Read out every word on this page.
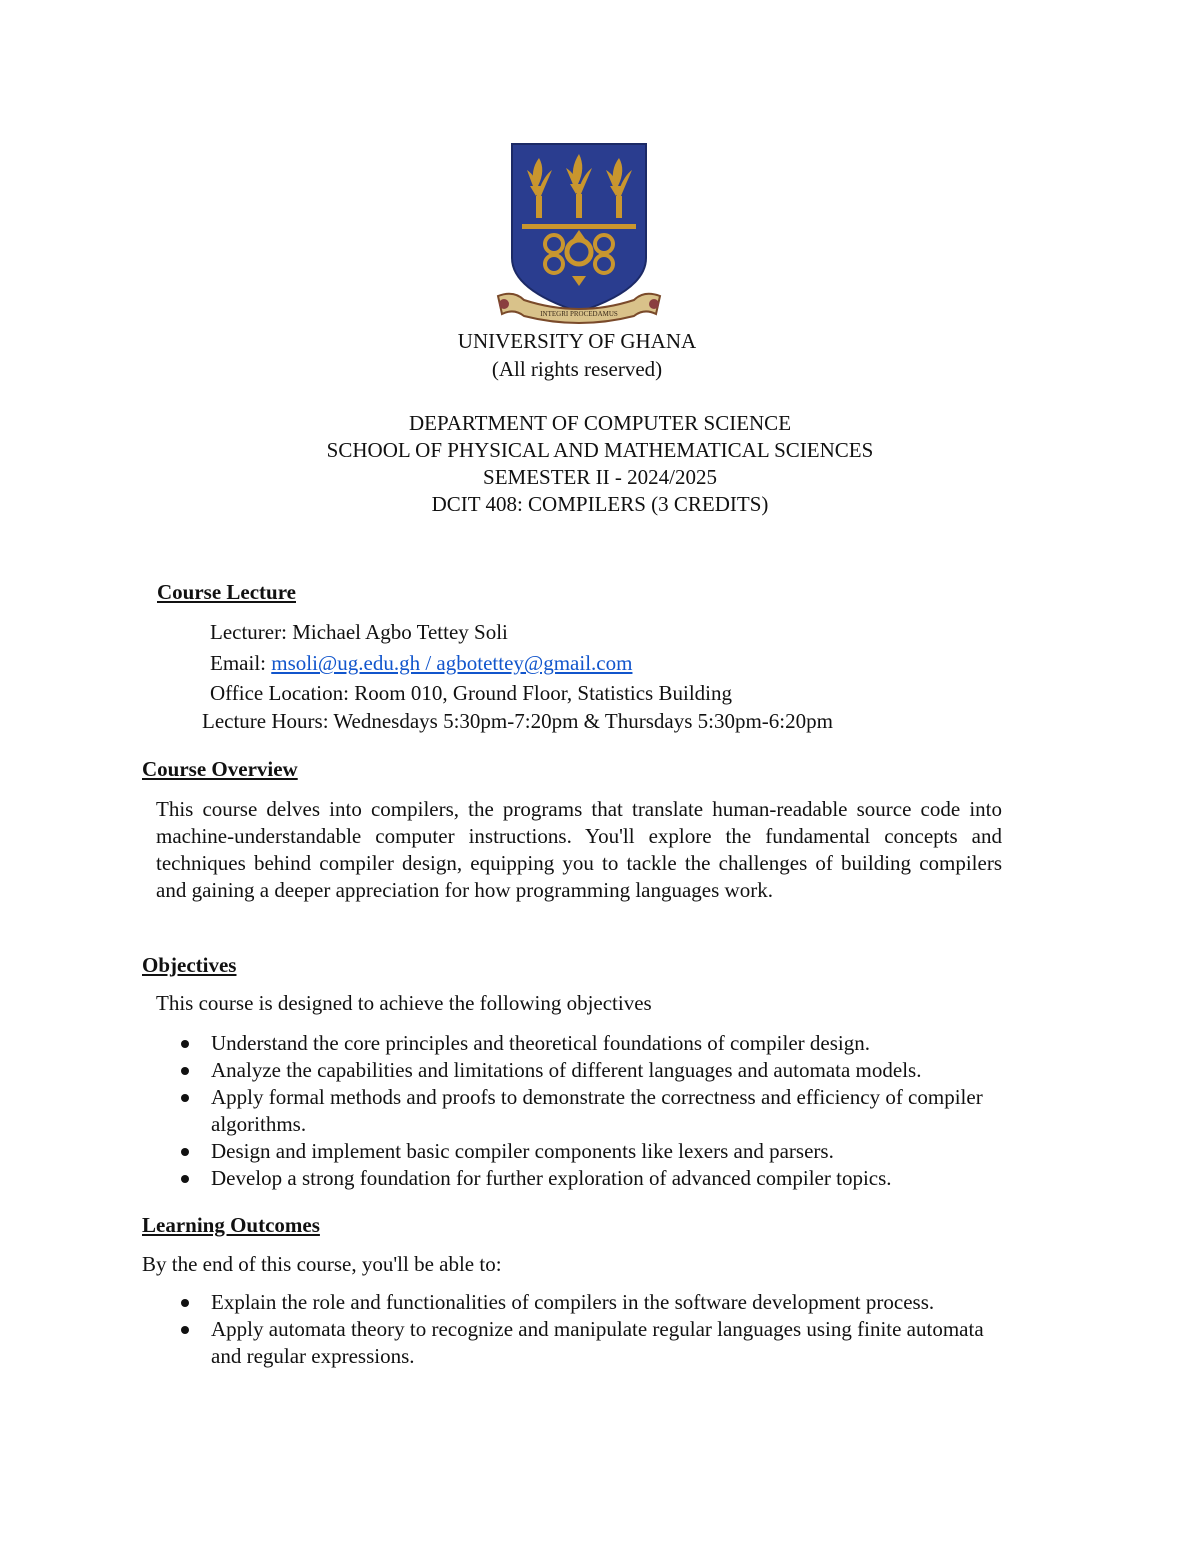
INTEGRI PROCEDAMUS
UNIVERSITY OF GHANA
(All rights reserved)
DEPARTMENT OF COMPUTER SCIENCE
SCHOOL OF PHYSICAL AND MATHEMATICAL SCIENCES
SEMESTER II - 2024/2025
DCIT 408: COMPILERS (3 CREDITS)
Course Lecture
Lecturer: Michael Agbo Tettey Soli
Email: msoli@ug.edu.gh / agbotettey@gmail.com
Office Location: Room 010, Ground Floor, Statistics Building
Lecture Hours: Wednesdays 5:30pm-7:20pm & Thursdays 5:30pm-6:20pm
Course Overview
This course delves into compilers, the programs that translate human-readable source code into machine-understandable computer instructions. You'll explore the fundamental concepts and techniques behind compiler design, equipping you to tackle the challenges of building compilers and gaining a deeper appreciation for how programming languages work.
Objectives
This course is designed to achieve the following objectives
Understand the core principles and theoretical foundations of compiler design.
Analyze the capabilities and limitations of different languages and automata models.
Apply formal methods and proofs to demonstrate the correctness and efficiency of compiler algorithms.
Design and implement basic compiler components like lexers and parsers.
Develop a strong foundation for further exploration of advanced compiler topics.
Learning Outcomes
By the end of this course, you'll be able to:
Explain the role and functionalities of compilers in the software development process.
Apply automata theory to recognize and manipulate regular languages using finite automata and regular expressions.
